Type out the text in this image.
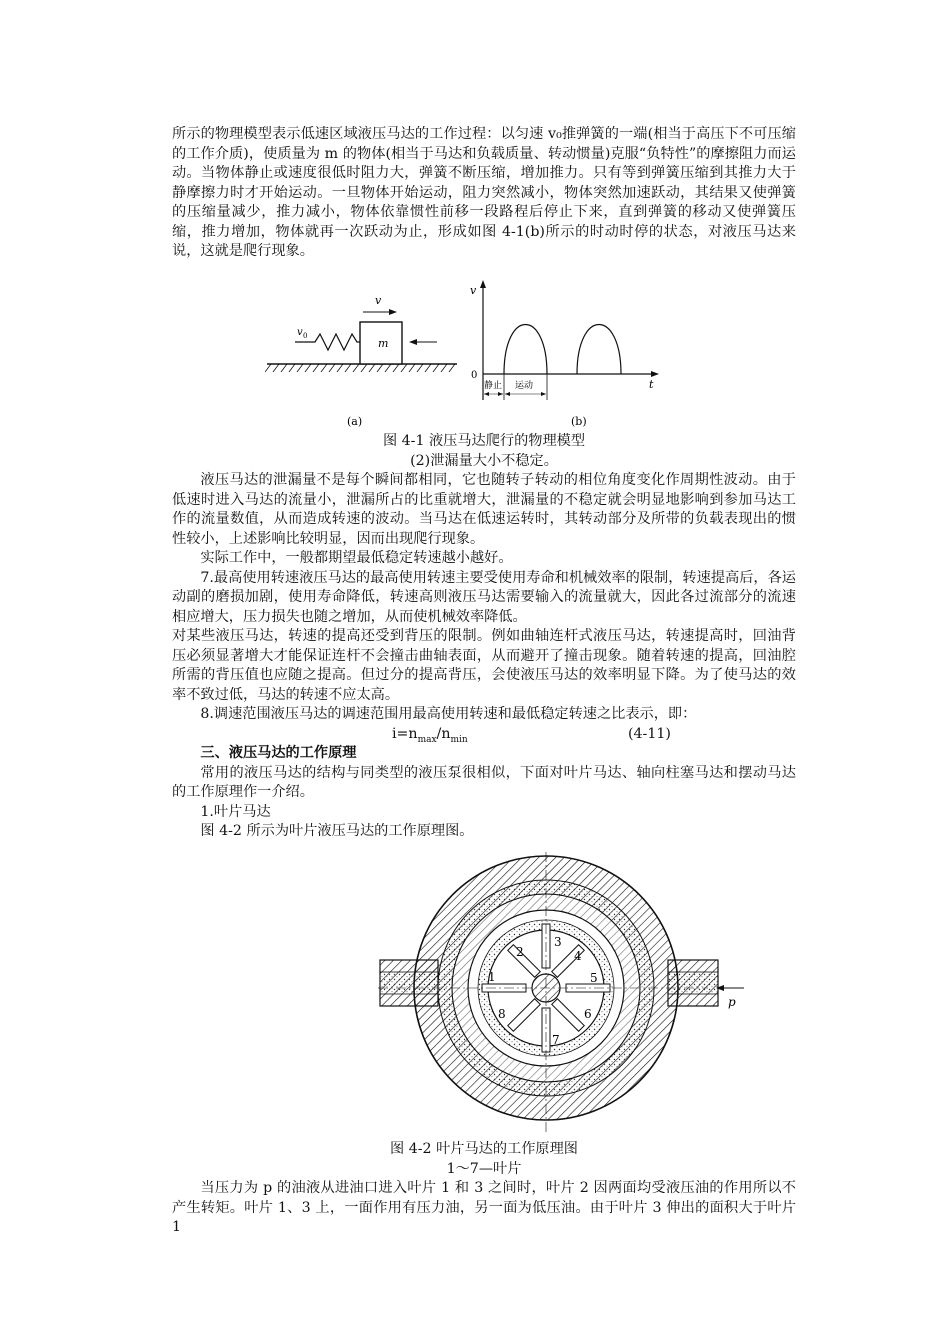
所示的物理模型表示低速区域液压马达的工作过程：以匀速 v₀推弹簧的一端(相当于高压下不可压缩的工作介质)，使质量为 m 的物体(相当于马达和负载质量、转动惯量)克服“负特性”的摩擦阻力而运动。当物体静止或速度很低时阻力大，弹簧不断压缩，增加推力。只有等到弹簧压缩到其推力大于静摩擦力时才开始运动。一旦物体开始运动，阻力突然减小，物体突然加速跃动，其结果又使弹簧的压缩量减少，推力减小，物体依靠惯性前移一段路程后停止下来，直到弹簧的移动又使弹簧压缩，推力增加，物体就再一次跃动为止，形成如图 4-1(b)所示的时动时停的状态，对液压马达来说，这就是爬行现象。

m
v
v 0
(a)
v
t
0
静止 运动
(b)

图 4-1 液压马达爬行的物理模型

(2)泄漏量大小不稳定。

液压马达的泄漏量不是每个瞬间都相同，它也随转子转动的相位角度变化作周期性波动。由于低速时进入马达的流量小，泄漏所占的比重就增大，泄漏量的不稳定就会明显地影响到参加马达工作的流量数值，从而造成转速的波动。当马达在低速运转时，其转动部分及所带的负载表现出的惯性较小，上述影响比较明显，因而出现爬行现象。

实际工作中，一般都期望最低稳定转速越小越好。

7.最高使用转速液压马达的最高使用转速主要受使用寿命和机械效率的限制，转速提高后，各运动副的磨损加剧，使用寿命降低，转速高则液压马达需要输入的流量就大，因此各过流部分的流速相应增大，压力损失也随之增加，从而使机械效率降低。

对某些液压马达，转速的提高还受到背压的限制。例如曲轴连杆式液压马达，转速提高时，回油背压必须显著增大才能保证连杆不会撞击曲轴表面，从而避开了撞击现象。随着转速的提高，回油腔所需的背压值也应随之提高。但过分的提高背压，会使液压马达的效率明显下降。为了使马达的效率不致过低，马达的转速不应太高。

8.调速范围液压马达的调速范围用最高使用转速和最低稳定转速之比表示，即：

$i=n_{max}/n_{min}$	(4-11)

三、液压马达的工作原理

常用的液压马达的结构与同类型的液压泵很相似，下面对叶片马达、轴向柱塞马达和摆动马达的工作原理作一介绍。

1.叶片马达

图 4-2 所示为叶片液压马达的工作原理图。

1
2
3
4
5
6
7
8
p

图 4-2 叶片马达的工作原理图

1～7—叶片

当压力为 p 的油液从进油口进入叶片 1 和 3 之间时，叶片 2 因两面均受液压油的作用所以不产生转矩。叶片 1、3 上，一面作用有压力油，另一面为低压油。由于叶片 3 伸出的面积大于叶片 1
